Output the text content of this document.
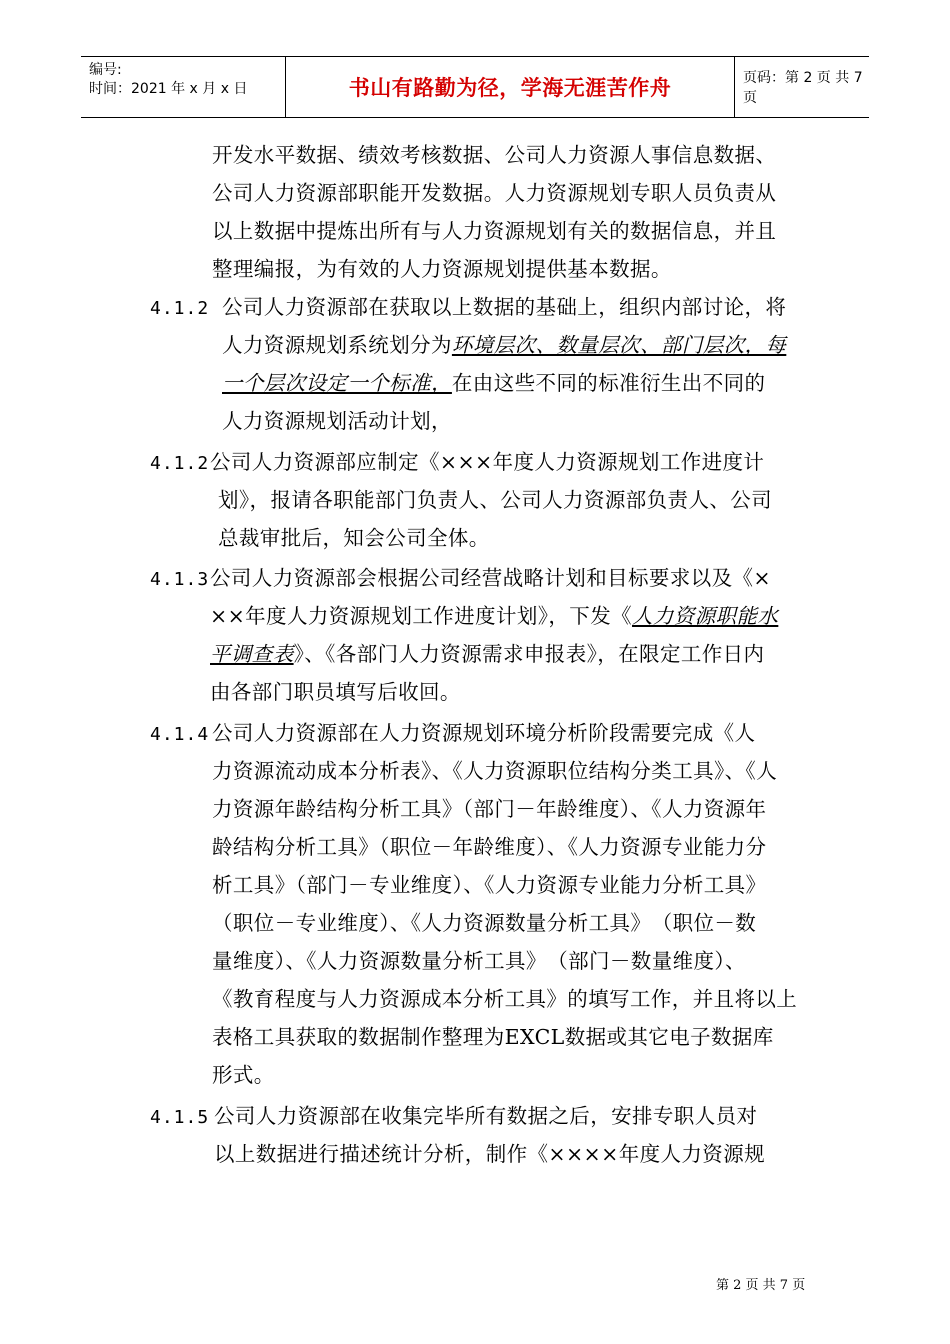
编号:
时间：2021 年 x 月 x 日	书山有路勤为径，学海无涯苦作舟	页码：第 2 页 共 7 页
开发水平数据、绩效考核数据、公司人力资源人事信息数据、
公司人力资源部职能开发数据。人力资源规划专职人员负责从
以上数据中提炼出所有与人力资源规划有关的数据信息，并且
整理编报，为有效的人力资源规划提供基本数据。
4.1.2 公司人力资源部在获取以上数据的基础上，组织内部讨论，将
人力资源规划系统划分为环境层次、数量层次、部门层次，每
一个层次设定一个标准，在由这些不同的标准衍生出不同的
人力资源规划活动计划，
4.1.2 公司人力资源部应制定《×××年度人力资源规划工作进度计
划》，报请各职能部门负责人、公司人力资源部负责人、公司
总裁审批后，知会公司全体。
4.1.3 公司人力资源部会根据公司经营战略计划和目标要求以及《×
××年度人力资源规划工作进度计划》，下发《人力资源职能水
平调查表》、《各部门人力资源需求申报表》，在限定工作日内
由各部门职员填写后收回。
4.1.4 公司人力资源部在人力资源规划环境分析阶段需要完成《人
力资源流动成本分析表》、《人力资源职位结构分类工具》、《人
力资源年龄结构分析工具》（部门－年龄维度）、《人力资源年
龄结构分析工具》（职位－年龄维度）、《人力资源专业能力分
析工具》（部门－专业维度）、《人力资源专业能力分析工具》
（职位－专业维度）、《人力资源数量分析工具》　（职位－数
量维度）、《人力资源数量分析工具》　（部门－数量维度）、
《教育程度与人力资源成本分析工具》的填写工作，并且将以上
表格工具获取的数据制作整理为EXCL数据或其它电子数据库
形式。
4.1.5 公司人力资源部在收集完毕所有数据之后，安排专职人员对
以上数据进行描述统计分析，制作《××××年度人力资源规
第 2 页 共 7 页
